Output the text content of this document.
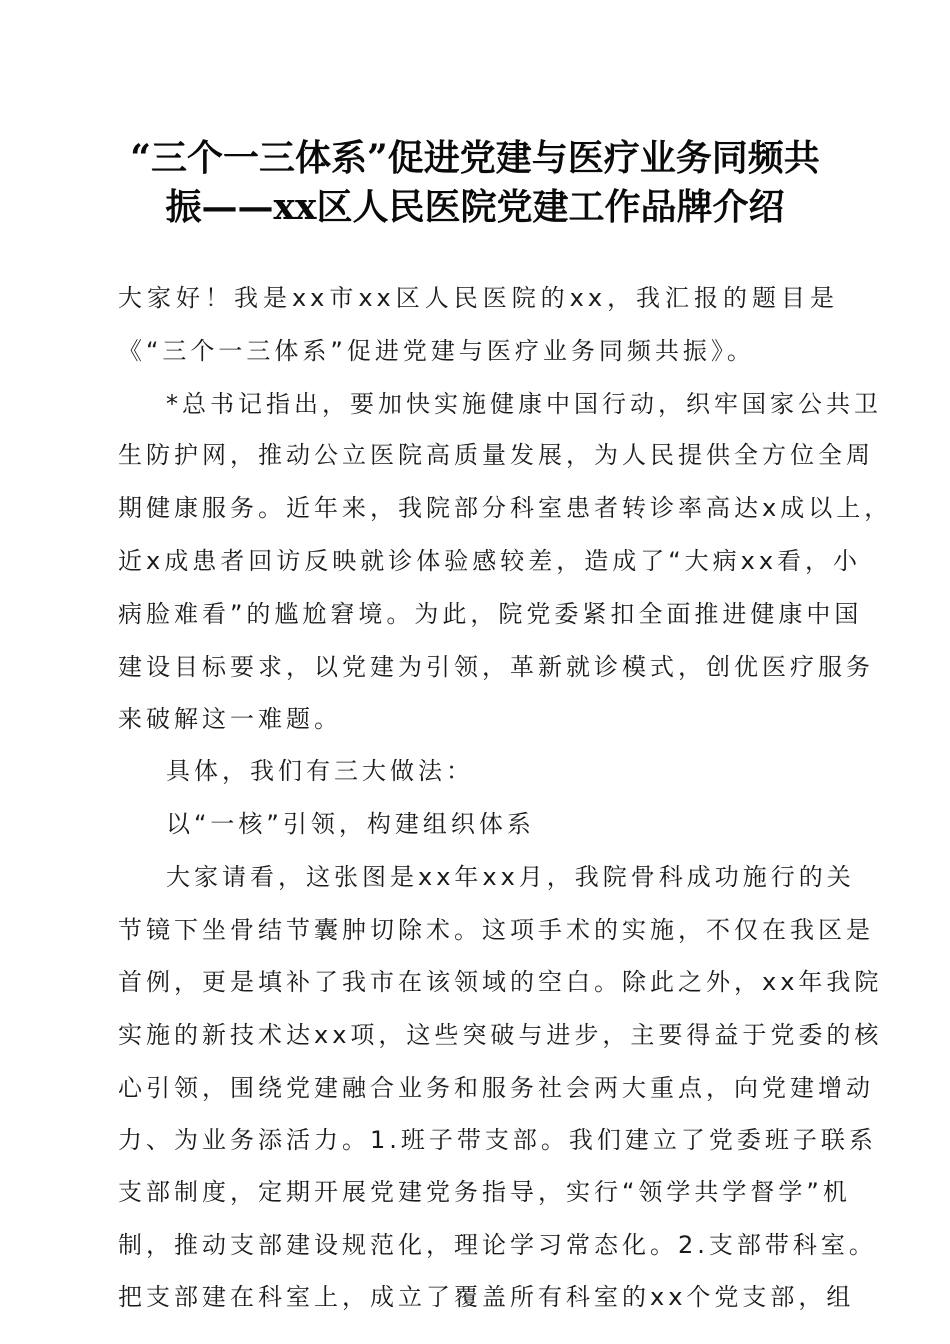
“三个一三体系”促进党建与医疗业务同频共
振——xx区人民医院党建工作品牌介绍
大家好！我是xx市xx区人民医院的xx，我汇报的题目是
《“三个一三体系”促进党建与医疗业务同频共振》。
*总书记指出，要加快实施健康中国行动，织牢国家公共卫
生防护网，推动公立医院高质量发展，为人民提供全方位全周
期健康服务。近年来，我院部分科室患者转诊率高达x成以上，
近x成患者回访反映就诊体验感较差，造成了“大病xx看，小
病脸难看”的尴尬窘境。为此，院党委紧扣全面推进健康中国
建设目标要求，以党建为引领，革新就诊模式，创优医疗服务
来破解这一难题。
具体，我们有三大做法：
以“一核”引领，构建组织体系
大家请看，这张图是xx年xx月，我院骨科成功施行的关
节镜下坐骨结节囊肿切除术。这项手术的实施，不仅在我区是
首例，更是填补了我市在该领域的空白。除此之外，xx年我院
实施的新技术达xx项，这些突破与进步，主要得益于党委的核
心引领，围绕党建融合业务和服务社会两大重点，向党建增动
力、为业务添活力。1.班子带支部。我们建立了党委班子联系
支部制度，定期开展党建党务指导，实行“领学共学督学”机
制，推动支部建设规范化，理论学习常态化。2.支部带科室。
把支部建在科室上，成立了覆盖所有科室的xx个党支部，组
